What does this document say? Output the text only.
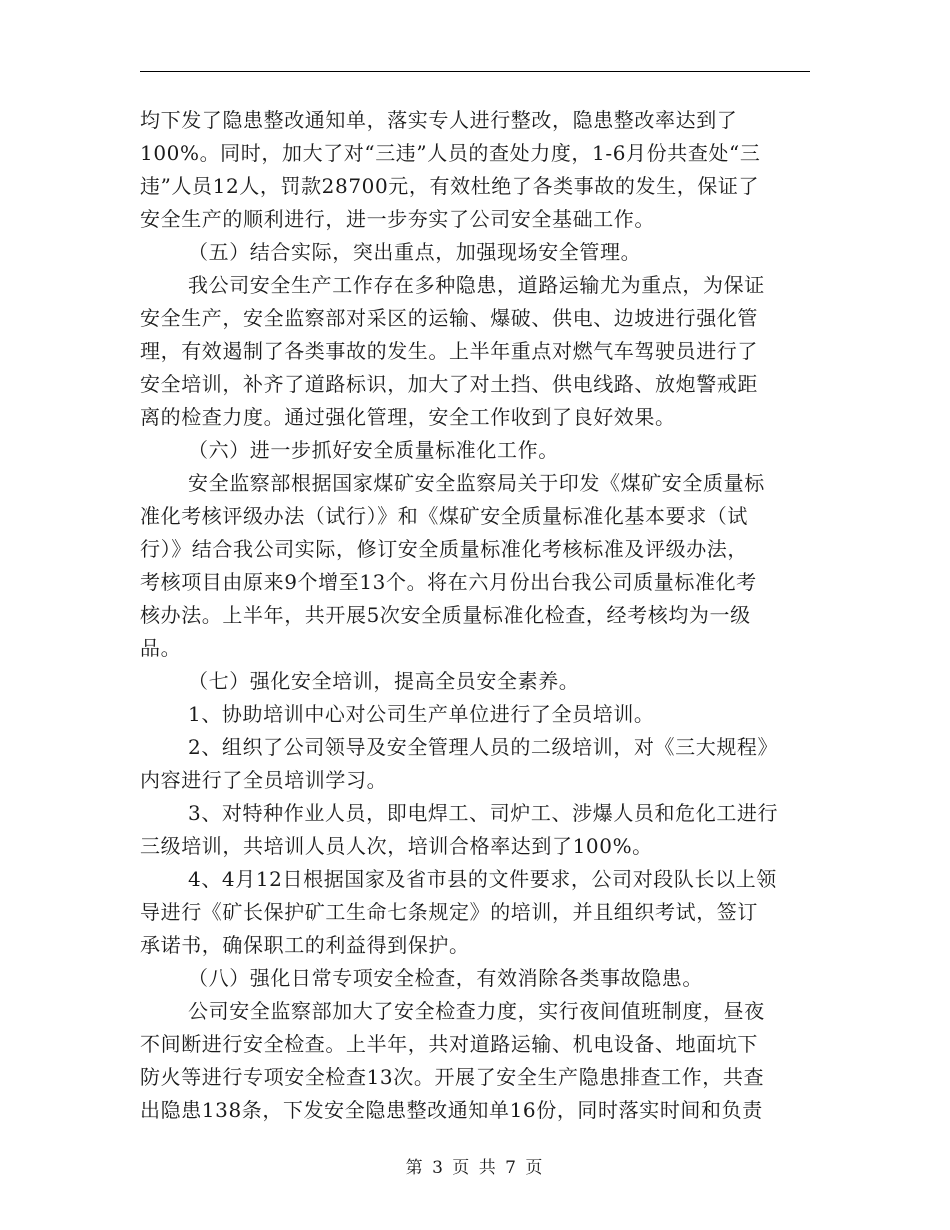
均下发了隐患整改通知单，落实专人进行整改，隐患整改率达到了
100%。同时，加大了对“三违”人员的查处力度，1-6月份共查处“三
违”人员12人，罚款28700元，有效杜绝了各类事故的发生，保证了
安全生产的顺利进行，进一步夯实了公司安全基础工作。

（五）结合实际，突出重点，加强现场安全管理。

我公司安全生产工作存在多种隐患，道路运输尤为重点，为保证
安全生产，安全监察部对采区的运输、爆破、供电、边坡进行强化管
理，有效遏制了各类事故的发生。上半年重点对燃气车驾驶员进行了
安全培训，补齐了道路标识，加大了对土挡、供电线路、放炮警戒距
离的检查力度。通过强化管理，安全工作收到了良好效果。

（六）进一步抓好安全质量标准化工作。

安全监察部根据国家煤矿安全监察局关于印发《煤矿安全质量标
准化考核评级办法（试行）》和《煤矿安全质量标准化基本要求（试
行）》结合我公司实际，修订安全质量标准化考核标准及评级办法，
考核项目由原来9个增至13个。将在六月份出台我公司质量标准化考
核办法。上半年，共开展5次安全质量标准化检查，经考核均为一级
品。

（七）强化安全培训，提高全员安全素养。

1、协助培训中心对公司生产单位进行了全员培训。

2、组织了公司领导及安全管理人员的二级培训，对《三大规程》
内容进行了全员培训学习。

3、对特种作业人员，即电焊工、司炉工、涉爆人员和危化工进行
三级培训，共培训人员人次，培训合格率达到了100%。

4、4月12日根据国家及省市县的文件要求，公司对段队长以上领
导进行《矿长保护矿工生命七条规定》的培训，并且组织考试，签订
承诺书，确保职工的利益得到保护。

（八）强化日常专项安全检查，有效消除各类事故隐患。

公司安全监察部加大了安全检查力度，实行夜间值班制度，昼夜
不间断进行安全检查。上半年，共对道路运输、机电设备、地面坑下
防火等进行专项安全检查13次。开展了安全生产隐患排查工作，共查
出隐患138条，下发安全隐患整改通知单16份，同时落实时间和负责

第 3 页 共 7 页
